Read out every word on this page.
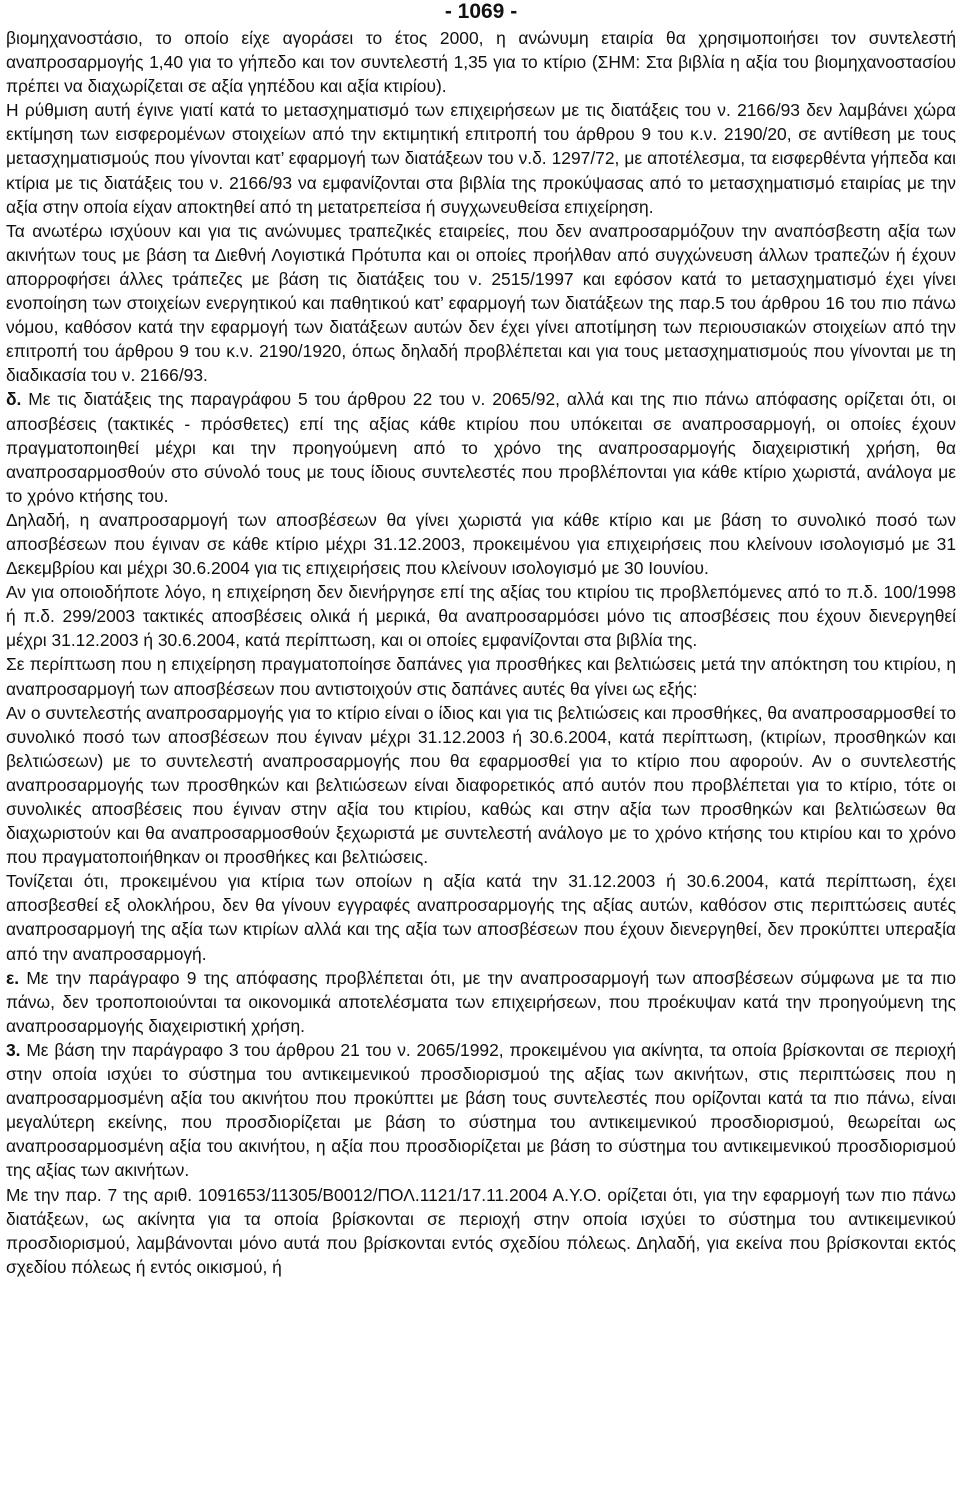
- 1069 -

βιομηχανοστάσιο, το οποίο είχε αγοράσει το έτος 2000, η ανώνυμη εταιρία θα χρησιμοποιήσει τον συντελεστή αναπροσαρμογής 1,40 για το γήπεδο και τον συντελεστή 1,35 για το κτίριο (ΣΗΜ: Στα βιβλία η αξία του βιομηχανοστασίου πρέπει να διαχωρίζεται σε αξία γηπέδου και αξία κτιρίου).

Η ρύθμιση αυτή έγινε γιατί κατά το μετασχηματισμό των επιχειρήσεων με τις διατάξεις του ν. 2166/93 δεν λαμβάνει χώρα εκτίμηση των εισφερομένων στοιχείων από την εκτιμητική επιτροπή του άρθρου 9 του κ.ν. 2190/20, σε αντίθεση με τους μετασχηματισμούς που γίνονται κατ’ εφαρμογή των διατάξεων του ν.δ. 1297/72, με αποτέλεσμα, τα εισφερθέντα γήπεδα και κτίρια με τις διατάξεις του ν. 2166/93 να εμφανίζονται στα βιβλία της προκύψασας από το μετασχηματισμό εταιρίας με την αξία στην οποία είχαν αποκτηθεί από τη μετατρεπείσα ή συγχωνευθείσα επιχείρηση.

Τα ανωτέρω ισχύουν και για τις ανώνυμες τραπεζικές εταιρείες, που δεν αναπροσαρμόζουν την αναπόσβεστη αξία των ακινήτων τους με βάση τα Διεθνή Λογιστικά Πρότυπα και οι οποίες προήλθαν από συγχώνευση άλλων τραπεζών ή έχουν απορροφήσει άλλες τράπεζες με βάση τις διατάξεις του ν. 2515/1997 και εφόσον κατά το μετασχηματισμό έχει γίνει ενοποίηση των στοιχείων ενεργητικού και παθητικού κατ’ εφαρμογή των διατάξεων της παρ.5 του άρθρου 16 του πιο πάνω νόμου, καθόσον κατά την εφαρμογή των διατάξεων αυτών δεν έχει γίνει αποτίμηση των περιουσιακών στοιχείων από την επιτροπή του άρθρου 9 του κ.ν. 2190/1920, όπως δηλαδή προβλέπεται και για τους μετασχηματισμούς που γίνονται με τη διαδικασία του ν. 2166/93.

δ. Με τις διατάξεις της παραγράφου 5 του άρθρου 22 του ν. 2065/92, αλλά και της πιο πάνω απόφασης ορίζεται ότι, οι αποσβέσεις (τακτικές - πρόσθετες) επί της αξίας κάθε κτιρίου που υπόκειται σε αναπροσαρμογή, οι οποίες έχουν πραγματοποιηθεί μέχρι και την προηγούμενη από το χρόνο της αναπροσαρμογής διαχειριστική χρήση, θα αναπροσαρμοσθούν στο σύνολό τους με τους ίδιους συντελεστές που προβλέπονται για κάθε κτίριο χωριστά, ανάλογα με το χρόνο κτήσης του.

Δηλαδή, η αναπροσαρμογή των αποσβέσεων θα γίνει χωριστά για κάθε κτίριο και με βάση το συνολικό ποσό των αποσβέσεων που έγιναν σε κάθε κτίριο μέχρι 31.12.2003, προκειμένου για επιχειρήσεις που κλείνουν ισολογισμό με 31 Δεκεμβρίου και μέχρι 30.6.2004 για τις επιχειρήσεις που κλείνουν ισολογισμό με 30 Ιουνίου.

Αν για οποιοδήποτε λόγο, η επιχείρηση δεν διενήργησε επί της αξίας του κτιρίου τις προβλεπόμενες από το π.δ. 100/1998 ή π.δ. 299/2003 τακτικές αποσβέσεις ολικά ή μερικά, θα αναπροσαρμόσει μόνο τις αποσβέσεις που έχουν διενεργηθεί μέχρι 31.12.2003 ή 30.6.2004, κατά περίπτωση, και οι οποίες εμφανίζονται στα βιβλία της.

Σε περίπτωση που η επιχείρηση πραγματοποίησε δαπάνες για προσθήκες και βελτιώσεις μετά την απόκτηση του κτιρίου, η αναπροσαρμογή των αποσβέσεων που αντιστοιχούν στις δαπάνες αυτές θα γίνει ως εξής:

Αν ο συντελεστής αναπροσαρμογής για το κτίριο είναι ο ίδιος και για τις βελτιώσεις και προσθήκες, θα αναπροσαρμοσθεί το συνολικό ποσό των αποσβέσεων που έγιναν μέχρι 31.12.2003 ή 30.6.2004, κατά περίπτωση, (κτιρίων, προσθηκών και βελτιώσεων) με το συντελεστή αναπροσαρμογής που θα εφαρμοσθεί για το κτίριο που αφορούν. Αν ο συντελεστής αναπροσαρμογής των προσθηκών και βελτιώσεων είναι διαφορετικός από αυτόν που προβλέπεται για το κτίριο, τότε οι συνολικές αποσβέσεις που έγιναν στην αξία του κτιρίου, καθώς και στην αξία των προσθηκών και βελτιώσεων θα διαχωριστούν και θα αναπροσαρμοσθούν ξεχωριστά με συντελεστή ανάλογο με το χρόνο κτήσης του κτιρίου και το χρόνο που πραγματοποιήθηκαν οι προσθήκες και βελτιώσεις.

Τονίζεται ότι, προκειμένου για κτίρια των οποίων η αξία κατά την 31.12.2003 ή 30.6.2004, κατά περίπτωση, έχει αποσβεσθεί εξ ολοκλήρου, δεν θα γίνουν εγγραφές αναπροσαρμογής της αξίας αυτών, καθόσον στις περιπτώσεις αυτές αναπροσαρμογή της αξία των κτιρίων αλλά και της αξία των αποσβέσεων που έχουν διενεργηθεί, δεν προκύπτει υπεραξία από την αναπροσαρμογή.

ε. Με την παράγραφο 9 της απόφασης προβλέπεται ότι, με την αναπροσαρμογή των αποσβέσεων σύμφωνα με τα πιο πάνω, δεν τροποποιούνται τα οικονομικά αποτελέσματα των επιχειρήσεων, που προέκυψαν κατά την προηγούμενη της αναπροσαρμογής διαχειριστική χρήση.

3. Με βάση την παράγραφο 3 του άρθρου 21 του ν. 2065/1992, προκειμένου για ακίνητα, τα οποία βρίσκονται σε περιοχή στην οποία ισχύει το σύστημα του αντικειμενικού προσδιορισμού της αξίας των ακινήτων, στις περιπτώσεις που η αναπροσαρμοσμένη αξία του ακινήτου που προκύπτει με βάση τους συντελεστές που ορίζονται κατά τα πιο πάνω, είναι μεγαλύτερη εκείνης, που προσδιορίζεται με βάση το σύστημα του αντικειμενικού προσδιορισμού, θεωρείται ως αναπροσαρμοσμένη αξία του ακινήτου, η αξία που προσδιορίζεται με βάση το σύστημα του αντικειμενικού προσδιορισμού της αξίας των ακινήτων.

Με την παρ. 7 της αριθ. 1091653/11305/Β0012/ΠΟΛ.1121/17.11.2004 Α.Υ.Ο. ορίζεται ότι, για την εφαρμογή των πιο πάνω διατάξεων, ως ακίνητα για τα οποία βρίσκονται σε περιοχή στην οποία ισχύει το σύστημα του αντικειμενικού προσδιορισμού, λαμβάνονται μόνο αυτά που βρίσκονται εντός σχεδίου πόλεως. Δηλαδή, για εκείνα που βρίσκονται εκτός σχεδίου πόλεως ή εντός οικισμού, ή
